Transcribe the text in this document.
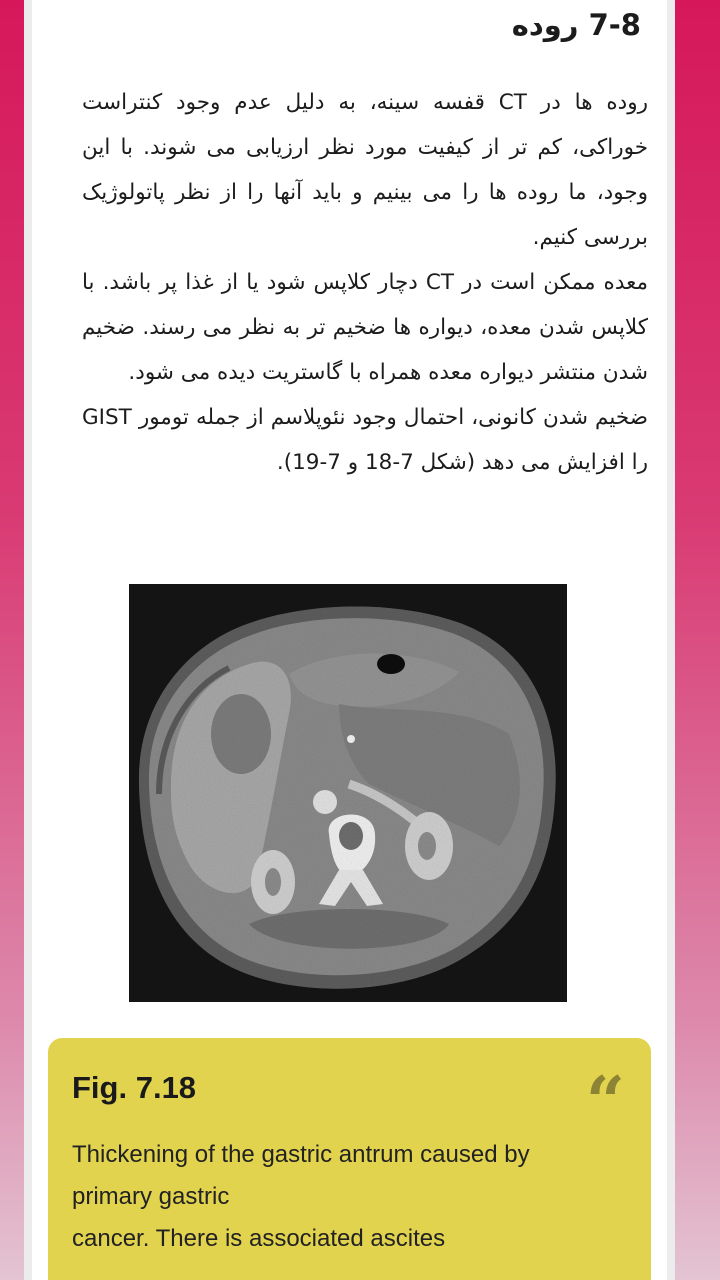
7-8 روده

روده ها در CT قفسه سینه، به دلیل عدم وجود کنتراست خوراکی، کم تر از کیفیت مورد نظر ارزیابی می شوند. با این وجود، ما روده ها را می بینیم و باید آنها را از نظر پاتولوژیک بررسی کنیم.

معده ممکن است در CT دچار کلاپس شود یا از غذا پر باشد. با کلاپس شدن معده، دیواره ها ضخیم تر به نظر می رسند. ضخیم شدن منتشر دیواره معده همراه با گاستریت دیده می شود.

ضخیم شدن کانونی، احتمال وجود نئوپلاسم از جمله تومور GIST را افزایش می دهد (شکل 7-18 و 7-19).

Fig. 7.18	“
Thickening of the gastric antrum caused by
primary gastric
cancer. There is associated ascites
